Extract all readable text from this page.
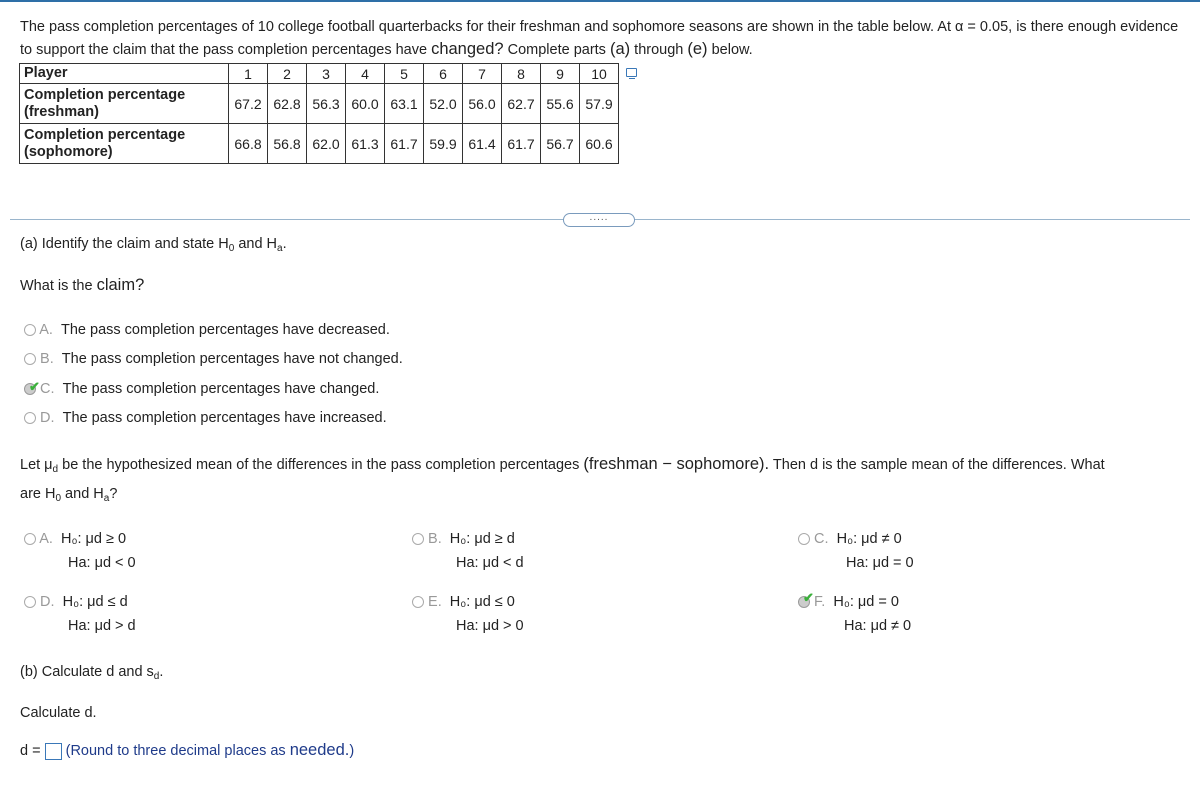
The pass completion percentages of 10 college football quarterbacks for their freshman and sophomore seasons are shown in the table below. At α = 0.05, is there enough evidence to support the claim that the pass completion percentages have changed? Complete parts (a) through (e) below.
Player	1	2	3	4	5	6	7	8	9	10
Completion percentage (freshman)	67.2	62.8	56.3	60.0	63.1	52.0	56.0	62.7	55.6	57.9
Completion percentage (sophomore)	66.8	56.8	62.0	61.3	61.7	59.9	61.4	61.7	56.7	60.6
.....
(a) Identify the claim and state $H_0$ and $H_a$.
What is the claim?
A. The pass completion percentages have decreased.
B. The pass completion percentages have not changed.
C. The pass completion percentages have changed.
✔
D. The pass completion percentages have increased.
Let $\mu_d$ be the hypothesized mean of the differences in the pass completion percentages (freshman − sophomore). Then d is the sample mean of the differences. What
are $H_0$ and $H_a$?
A. H₀: μd ≥ 0
Ha: μd < 0
B. H₀: μd ≥ d
Ha: μd < d
C. H₀: μd ≠ 0
Ha: μd = 0
D. H₀: μd ≤ d
Ha: μd > d
E. H₀: μd ≤ 0
Ha: μd > 0
F. H₀: μd = 0
Ha: μd ≠ 0
✔
(b) Calculate d and $s_d$.
Calculate d.
d = (Round to three decimal places as needed.)
